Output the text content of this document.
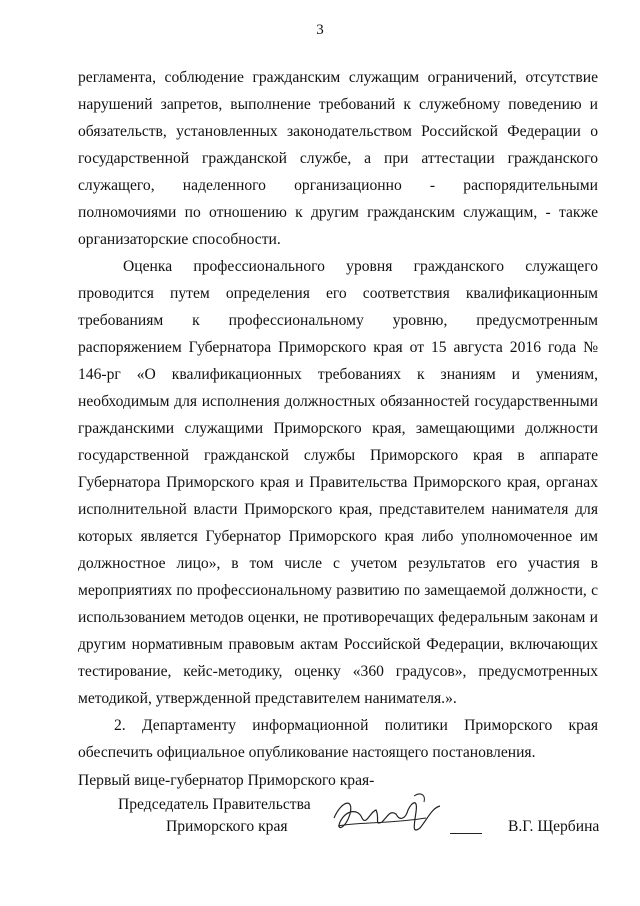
3

регламента, соблюдение гражданским служащим ограничений, отсутствие нарушений запретов, выполнение требований к служебному поведению и обязательств, установленных законодательством Российской Федерации о государственной гражданской службе, а при аттестации гражданского служащего, наделенного организационно - распорядительными полномочиями по отношению к другим гражданским служащим, - также организаторские способности.

Оценка профессионального уровня гражданского служащего проводится путем определения его соответствия квалификационным требованиям к профессиональному уровню, предусмотренным распоряжением Губернатора Приморского края от 15 августа 2016 года № 146-рг «О квалификационных требованиях к знаниям и умениям, необходимым для исполнения должностных обязанностей государственными гражданскими служащими Приморского края, замещающими должности государственной гражданской службы Приморского края в аппарате Губернатора Приморского края и Правительства Приморского края, органах исполнительной власти Приморского края, представителем нанимателя для которых является Губернатор Приморского края либо уполномоченное им должностное лицо», в том числе с учетом результатов его участия в мероприятиях по профессиональному развитию по замещаемой должности, с использованием методов оценки, не противоречащих федеральным законам и другим нормативным правовым актам Российской Федерации, включающих тестирование, кейс-методику, оценку «360 градусов», предусмотренных методикой, утвержденной представителем нанимателя.».

2. Департаменту информационной политики Приморского края обеспечить официальное опубликование настоящего постановления.

Первый вице-губернатор Приморского края-
Председатель Правительства
Приморского края	В.Г. Щербина
